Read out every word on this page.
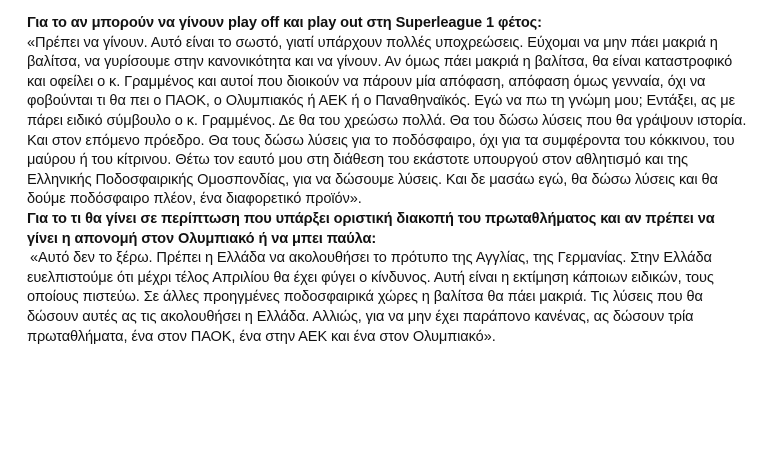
Για το αν μπορούν να γίνουν play off και play out στη Superleague 1 φέτος:

«Πρέπει να γίνουν. Αυτό είναι το σωστό, γιατί υπάρχουν πολλές υποχρεώσεις. Εύχομαι να μην πάει μακριά η βαλίτσα, να γυρίσουμε στην κανονικότητα και να γίνουν. Αν όμως πάει μακριά η βαλίτσα, θα είναι καταστροφικό και οφείλει ο κ. Γραμμένος και αυτοί που διοικούν να πάρουν μία απόφαση, απόφαση όμως γενναία, όχι να φοβούνται τι θα πει ο ΠΑΟΚ, ο Ολυμπιακός ή ΑΕΚ ή ο Παναθηναϊκός. Εγώ να πω τη γνώμη μου; Εντάξει, ας με πάρει ειδικό σύμβουλο ο κ. Γραμμένος. Δε θα του χρεώσω πολλά. Θα του δώσω λύσεις που θα γράψουν ιστορία. Και στον επόμενο πρόεδρο. Θα τους δώσω λύσεις για το ποδόσφαιρο, όχι για τα συμφέροντα του κόκκινου, του μαύρου ή του κίτρινου. Θέτω τον εαυτό μου στη διάθεση του εκάστοτε υπουργού στον αθλητισμό και της Ελληνικής Ποδοσφαιρικής Ομοσπονδίας, για να δώσουμε λύσεις. Και δε μασάω εγώ, θα δώσω λύσεις και θα δούμε ποδόσφαιρο πλέον, ένα διαφορετικό προϊόν».

Για το τι θα γίνει σε περίπτωση που υπάρξει οριστική διακοπή του πρωταθλήματος και αν πρέπει να γίνει η απονομή στον Ολυμπιακό ή να μπει παύλα:

«Αυτό δεν το ξέρω. Πρέπει η Ελλάδα να ακολουθήσει το πρότυπο της Αγγλίας, της Γερμανίας. Στην Ελλάδα ευελπιστούμε ότι μέχρι τέλος Απριλίου θα έχει φύγει ο κίνδυνος. Αυτή είναι η εκτίμηση κάποιων ειδικών, τους οποίους πιστεύω. Σε άλλες προηγμένες ποδοσφαιρικά χώρες η βαλίτσα θα πάει μακριά. Τις λύσεις που θα δώσουν αυτές ας τις ακολουθήσει η Ελλάδα. Αλλιώς, για να μην έχει παράπονο κανένας, ας δώσουν τρία πρωταθλήματα, ένα στον ΠΑΟΚ, ένα στην ΑΕΚ και ένα στον Ολυμπιακό».
